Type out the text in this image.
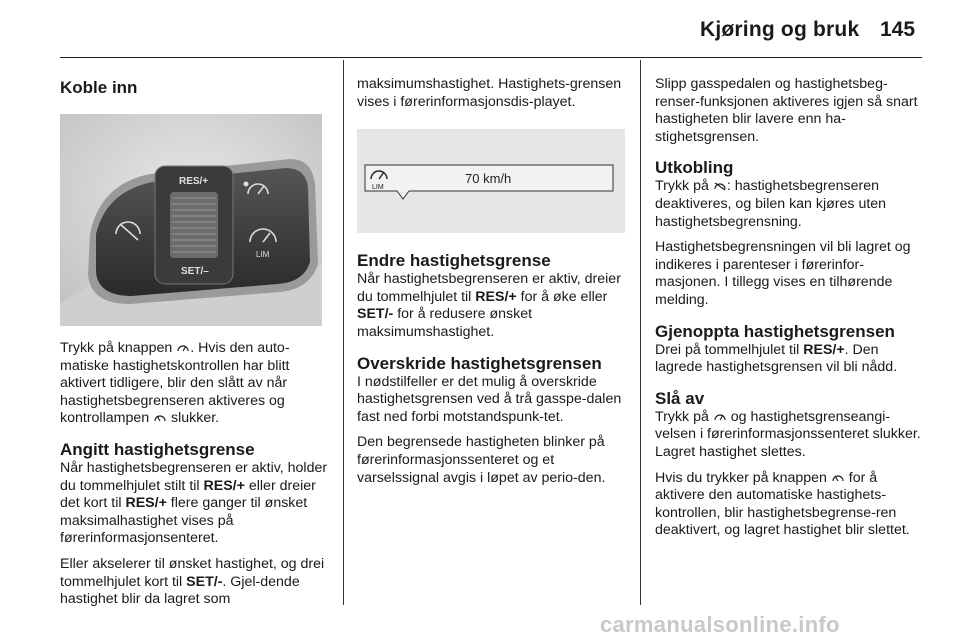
Kjøring og bruk 145
Koble inn
RES/+
SET/–
LIM

Trykk på knappen . Hvis den auto-matiske hastighetskontrollen har blitt aktivert tidligere, blir den slått av når hastighetsbegrenseren aktiveres og kontrollampen  slukker.

Angitt hastighetsgrense

Når hastighetsbegrenseren er aktiv, holder du tommelhjulet stilt til RES/+ eller dreier det kort til RES/+ flere ganger til ønsket maksimalhastighet vises på førerinformasjonsenteret.

Eller akselerer til ønsket hastighet, og drei tommelhjulet kort til SET/-. Gjel-dende hastighet blir da lagret som

maksimumshastighet. Hastighets-grensen vises i førerinformasjonsdis-playet.

LIM
70 km/h
Endre hastighetsgrense

Når hastighetsbegrenseren er aktiv, dreier du tommelhjulet til RES/+ for å øke eller SET/- for å redusere ønsket maksimumshastighet.

Overskride hastighetsgrensen

I nødstilfeller er det mulig å overskride hastighetsgrensen ved å trå gasspe-dalen fast ned forbi motstandspunk-tet.

Den begrensede hastigheten blinker på førerinformasjonssenteret og et varselssignal avgis i løpet av perio-den.

Slipp gasspedalen og hastighetsbeg-renser-funksjonen aktiveres igjen så snart hastigheten blir lavere enn ha-stighetsgrensen.

Utkobling

Trykk på : hastighetsbegrenseren deaktiveres, og bilen kan kjøres uten hastighetsbegrensning.

Hastighetsbegrensningen vil bli lagret og indikeres i parenteser i førerinfor-masjonen. I tillegg vises en tilhørende melding.

Gjenoppta hastighetsgrensen

Drei på tommelhjulet til RES/+. Den lagrede hastighetsgrensen vil bli nådd.

Slå av

Trykk på  og hastighetsgrenseangi-velsen i førerinformasjonssenteret slukker. Lagret hastighet slettes.

Hvis du trykker på knappen  for å aktivere den automatiske hastighets-kontrollen, blir hastighetsbegrense-ren deaktivert, og lagret hastighet blir slettet.

carmanualsonline.info
